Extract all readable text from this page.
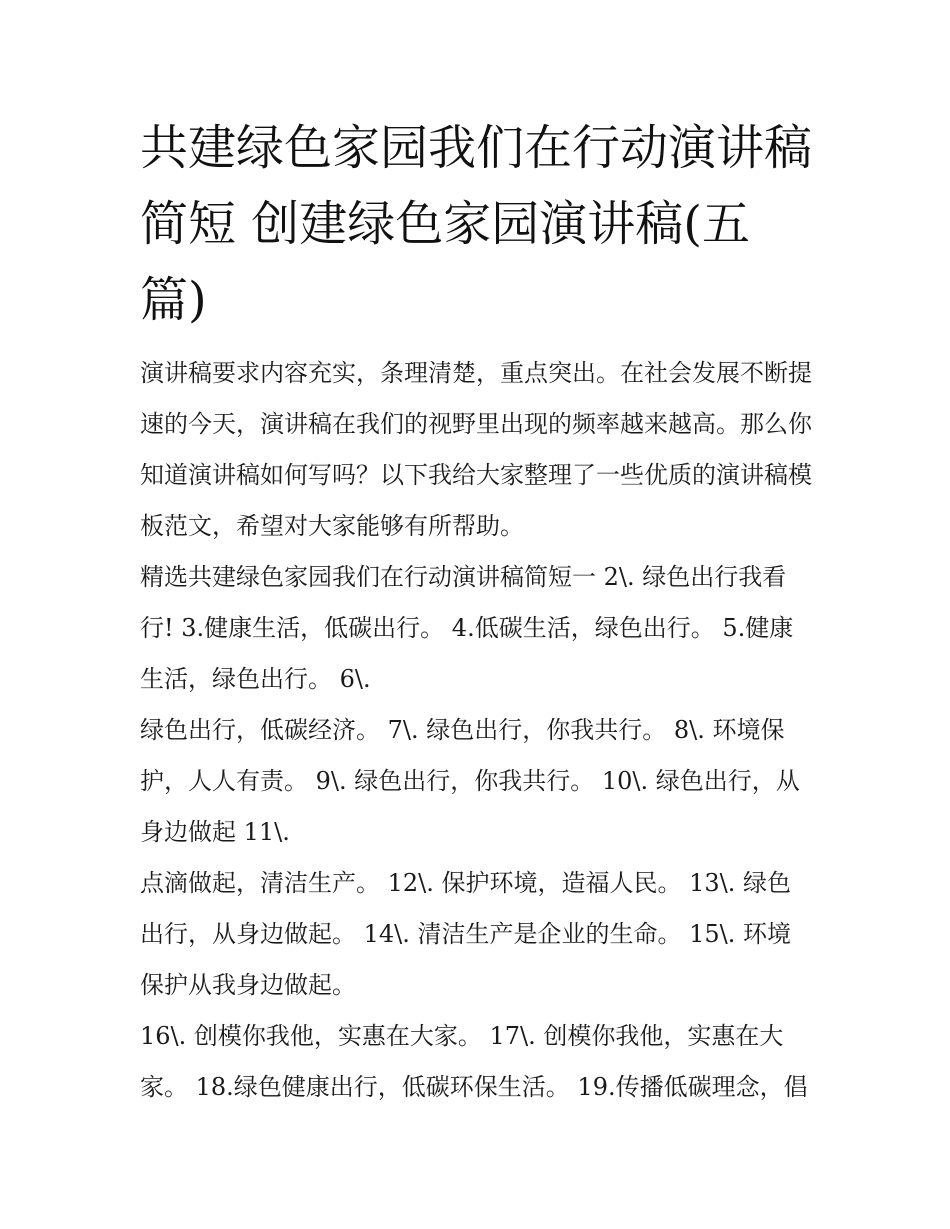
共建绿色家园我们在行动演讲稿简短 创建绿色家园演讲稿(五篇)

演讲稿要求内容充实，条理清楚，重点突出。在社会发展不断提速的今天，演讲稿在我们的视野里出现的频率越来越高。那么你知道演讲稿如何写吗？以下我给大家整理了一些优质的演讲稿模板范文，希望对大家能够有所帮助。

精选共建绿色家园我们在行动演讲稿简短一 2\. 绿色出行我看行! 3.健康生活，低碳出行。 4.低碳生活，绿色出行。 5.健康生活，绿色出行。 6\.

绿色出行，低碳经济。 7\. 绿色出行，你我共行。 8\. 环境保护，人人有责。 9\. 绿色出行，你我共行。 10\. 绿色出行，从身边做起 11\.

点滴做起，清洁生产。 12\. 保护环境，造福人民。 13\. 绿色出行，从身边做起。 14\. 清洁生产是企业的生命。 15\. 环境保护从我身边做起。

16\. 创模你我他，实惠在大家。 17\. 创模你我他，实惠在大家。 18.绿色健康出行，低碳环保生活。 19.传播低碳理念，倡
